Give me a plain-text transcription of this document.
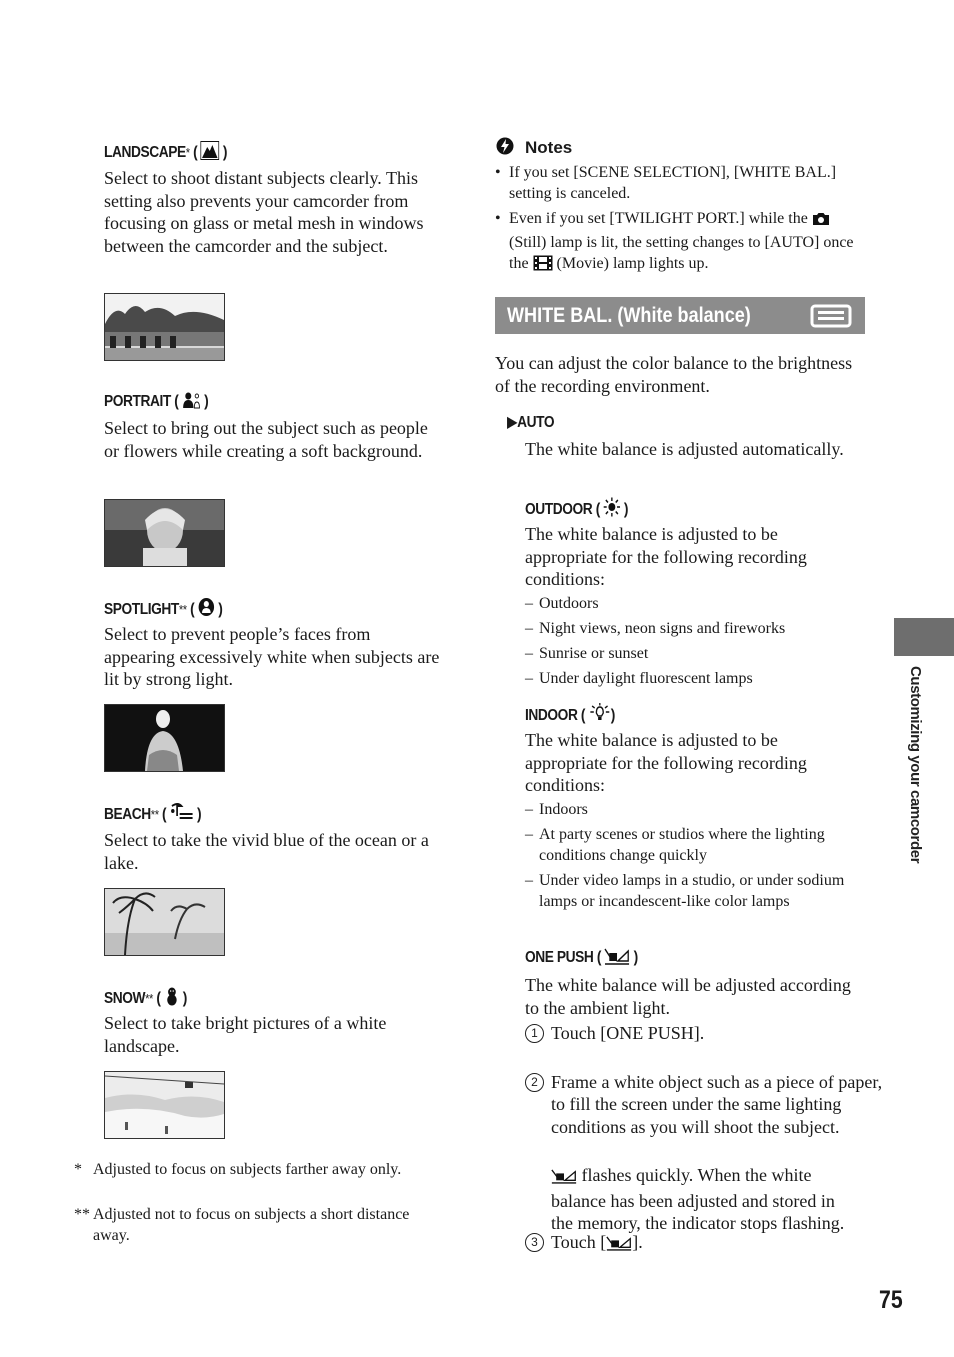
LANDSCAPE* (  )
Select to shoot distant subjects clearly. This setting also prevents your camcorder from focusing on glass or metal mesh in windows between the camcorder and the subject.
PORTRAIT (  )
Select to bring out the subject such as people or flowers while creating a soft background.
SPOTLIGHT** (  )
Select to prevent people’s faces from appearing excessively white when subjects are lit by strong light.
BEACH** (  )
Select to take the vivid blue of the ocean or a lake.
SNOW** (  )
Select to take bright pictures of a white landscape.
* Adjusted to focus on subjects farther away only.
** Adjusted not to focus on subjects a short distance away.
Notes
• If you set [SCENE SELECTION], [WHITE BAL.] setting is canceled.
• Even if you set [TWILIGHT PORT.] while the  (Still) lamp is lit, the setting changes to [AUTO] once the  (Movie) lamp lights up.
WHITE BAL. (White balance)
You can adjust the color balance to the brightness of the recording environment.
▶AUTO
The white balance is adjusted automatically.
OUTDOOR (  )
The white balance is adjusted to be appropriate for the following recording conditions:
– Outdoors
– Night views, neon signs and fireworks
– Sunrise or sunset
– Under daylight fluorescent lamps
INDOOR ( )
The white balance is adjusted to be appropriate for the following recording conditions:
– Indoors
– At party scenes or studios where the lighting conditions change quickly
– Under video lamps in a studio, or under sodium lamps or incandescent-like color lamps
ONE PUSH (  )
The white balance will be adjusted according to the ambient light.
1 Touch [ONE PUSH].
2 Frame a white object such as a piece of paper, to fill the screen under the same lighting conditions as you will shoot the subject.
3 Touch [ ].
flashes quickly. When the white balance has been adjusted and stored in the memory, the indicator stops flashing.
Customizing your camcorder
75
